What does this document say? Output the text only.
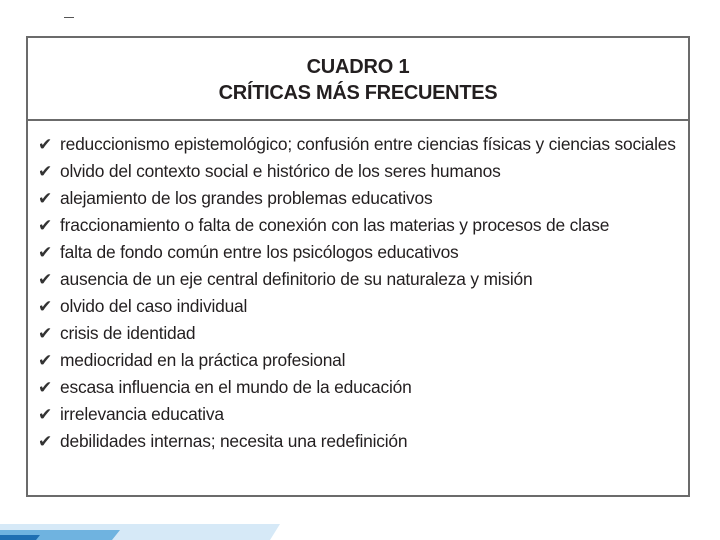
CUADRO 1
CRÍTICAS MÁS FRECUENTES
✔ reduccionismo epistemológico; confusión entre ciencias físicas y ciencias sociales
✔ olvido del contexto social e histórico de los seres humanos
✔ alejamiento de los grandes problemas educativos
✔ fraccionamiento o falta de conexión con las materias y procesos de clase
✔ falta de fondo común entre los psicólogos educativos
✔ ausencia de un eje central definitorio de su naturaleza y misión
✔ olvido del caso individual
✔ crisis de identidad
✔ mediocridad en la práctica profesional
✔ escasa influencia en el mundo de la educación
✔ irrelevancia educativa
✔ debilidades internas; necesita una redefinición
